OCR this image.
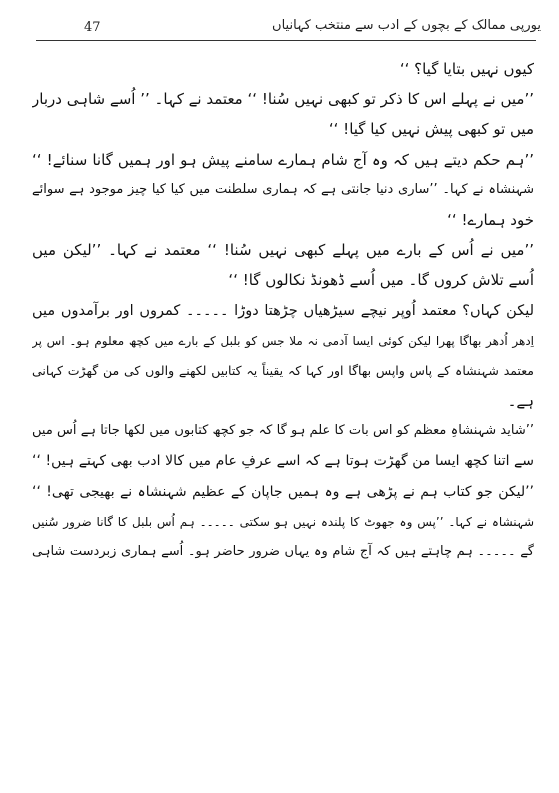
47	یورپی ممالک کے بچوں کے ادب سے منتخب کہانیاں
کیوں نہیں بتایا گیا؟ ‘‘
’’میں نے پہلے اس کا ذکر تو کبھی نہیں سُنا! ‘‘ معتمد نے کہا۔ ’’ اُسے شاہی دربار
میں تو کبھی پیش نہیں کیا گیا! ‘‘
’’ہم حکم دیتے ہیں کہ وہ آج شام ہمارے سامنے پیش ہو اور ہمیں گانا سنائے! ‘‘
شہنشاہ نے کہا۔ ’’ساری دنیا جانتی ہے کہ ہماری سلطنت میں کیا کیا چیز موجود ہے سوائے
خود ہمارے! ‘‘
’’میں نے اُس کے بارے میں پہلے کبھی نہیں سُنا! ‘‘ معتمد نے کہا۔ ’’لیکن میں
اُسے تلاش کروں گا۔ میں اُسے ڈھونڈ نکالوں گا! ‘‘
لیکن کہاں؟ معتمد اُوپر نیچے سیڑھیاں چڑھتا دوڑا ۔۔۔۔۔ کمروں اور برآمدوں میں
اِدھر اُدھر بھاگا پھرا لیکن کوئی ایسا آدمی نہ ملا جس کو بلبل کے بارے میں کچھ معلوم ہو۔ اس پر
معتمد شہنشاہ کے پاس واپس بھاگا اور کہا کہ یقیناً یہ کتابیں لکھنے والوں کی من گھڑت کہانی
ہے۔
’’شاید شہنشاہِ معظم کو اس بات کا علم ہو گا کہ جو کچھ کتابوں میں لکھا جاتا ہے اُس میں
سے اتنا کچھ ایسا من گھڑت ہوتا ہے کہ اسے عرفِ عام میں کالا ادب بھی کہتے ہیں! ‘‘
’’لیکن جو کتاب ہم نے پڑھی ہے وہ ہمیں جاپان کے عظیم شہنشاہ نے بھیجی تھی! ‘‘
شہنشاہ نے کہا۔ ’’پس وہ جھوٹ کا پلندہ نہیں ہو سکتی ۔۔۔۔۔ ہم اُس بلبل کا گانا ضرور سُنیں
گے ۔۔۔۔۔ ہم چاہتے ہیں کہ آج شام وہ یہاں ضرور حاضر ہو۔ اُسے ہماری زبردست شاہی
